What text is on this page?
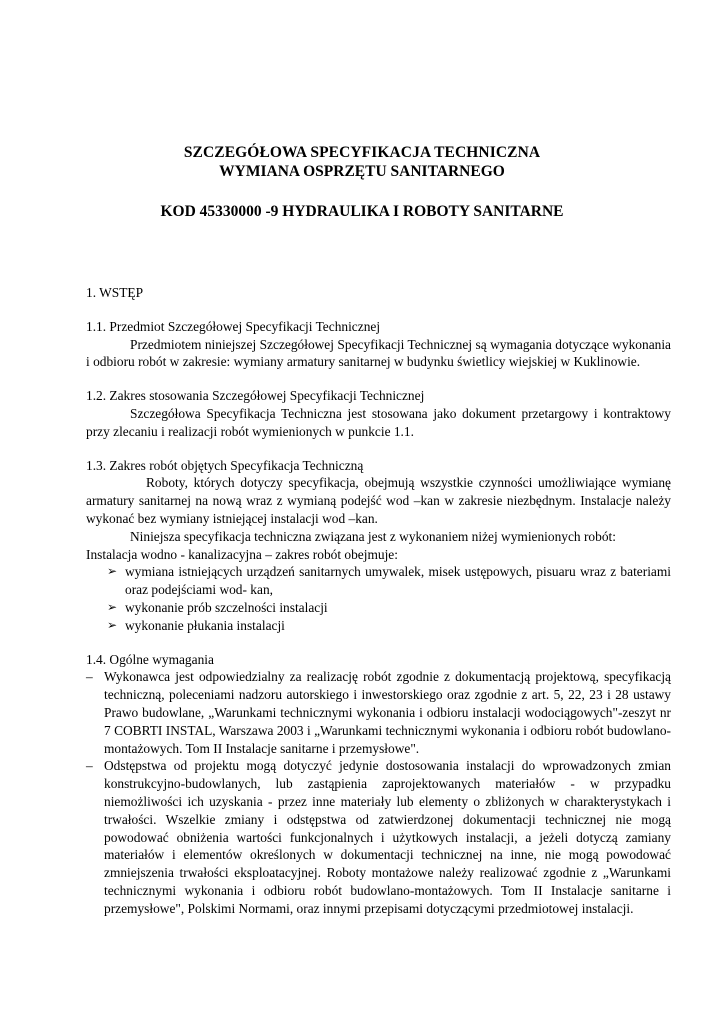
SZCZEGÓŁOWA SPECYFIKACJA TECHNICZNA
WYMIANA OSPRZĘTU SANITARNEGO
KOD 45330000 -9 HYDRAULIKA I ROBOTY SANITARNE

1. WSTĘP

1.1. Przedmiot Szczegółowej Specyfikacji Technicznej

Przedmiotem niniejszej Szczegółowej Specyfikacji Technicznej są wymagania dotyczące wykonania i odbioru robót w zakresie: wymiany armatury sanitarnej w budynku świetlicy wiejskiej w Kuklinowie.

1.2. Zakres stosowania Szczegółowej Specyfikacji Technicznej

Szczegółowa Specyfikacja Techniczna jest stosowana jako dokument przetargowy i kontraktowy przy zlecaniu i realizacji robót wymienionych w punkcie 1.1.

1.3. Zakres robót objętych Specyfikacja Techniczną

Roboty, których dotyczy specyfikacja, obejmują wszystkie czynności umożliwiające wymianę armatury sanitarnej na nową wraz z wymianą podejść wod –kan w zakresie niezbędnym. Instalacje należy wykonać bez wymiany istniejącej instalacji wod –kan.

Niniejsza specyfikacja techniczna związana jest z wykonaniem niżej wymienionych robót:

Instalacja wodno - kanalizacyjna – zakres robót obejmuje:

➢ wymiana istniejących urządzeń sanitarnych umywalek, misek ustępowych, pisuaru wraz z bateriami oraz podejściami wod- kan,
➢ wykonanie prób szczelności instalacji
➢ wykonanie płukania instalacji

1.4. Ogólne wymagania

– Wykonawca jest odpowiedzialny za realizację robót zgodnie z dokumentacją projektową, specyfikacją techniczną, poleceniami nadzoru autorskiego i inwestorskiego oraz zgodnie z art. 5, 22, 23 i 28 ustawy Prawo budowlane, „Warunkami technicznymi wykonania i odbioru instalacji wodociągowych"-zeszyt nr 7 COBRTI INSTAL, Warszawa 2003 i „Warunkami technicznymi wykonania i odbioru robót budowlano-montażowych. Tom II Instalacje sanitarne i przemysłowe".
– Odstępstwa od projektu mogą dotyczyć jedynie dostosowania instalacji do wprowadzonych zmian konstrukcyjno-budowlanych, lub zastąpienia zaprojektowanych materiałów - w przypadku niemożliwości ich uzyskania - przez inne materiały lub elementy o zbliżonych w charakterystykach i trwałości. Wszelkie zmiany i odstępstwa od zatwierdzonej dokumentacji technicznej nie mogą powodować obniżenia wartości funkcjonalnych i użytkowych instalacji, a jeżeli dotyczą zamiany materiałów i elementów określonych w dokumentacji technicznej na inne, nie mogą powodować zmniejszenia trwałości eksploatacyjnej. Roboty montażowe należy realizować zgodnie z „Warunkami technicznymi wykonania i odbioru robót budowlano-montażowych. Tom II Instalacje sanitarne i przemysłowe", Polskimi Normami, oraz innymi przepisami dotyczącymi przedmiotowej instalacji.
